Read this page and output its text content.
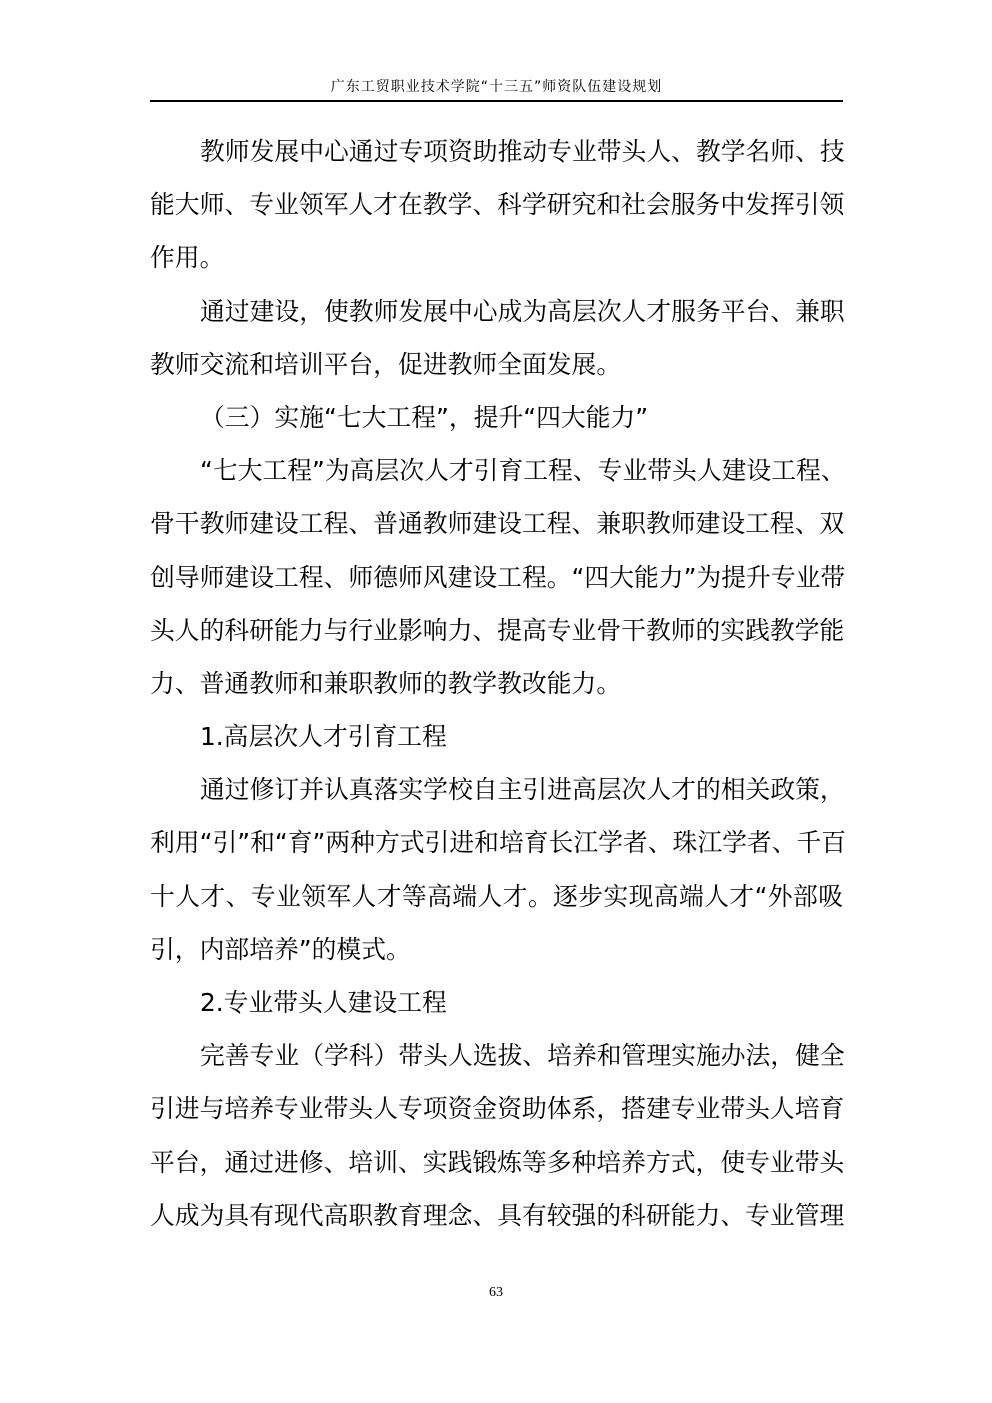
广东工贸职业技术学院“十三五”师资队伍建设规划
教师发展中心通过专项资助推动专业带头人、教学名师、技
能大师、专业领军人才在教学、科学研究和社会服务中发挥引领
作用。
通过建设，使教师发展中心成为高层次人才服务平台、兼职
教师交流和培训平台，促进教师全面发展。
（三）实施“七大工程”，提升“四大能力”
“七大工程”为高层次人才引育工程、专业带头人建设工程、
骨干教师建设工程、普通教师建设工程、兼职教师建设工程、双
创导师建设工程、师德师风建设工程。“四大能力”为提升专业带
头人的科研能力与行业影响力、提高专业骨干教师的实践教学能
力、普通教师和兼职教师的教学教改能力。
1.高层次人才引育工程
通过修订并认真落实学校自主引进高层次人才的相关政策，
利用“引”和“育”两种方式引进和培育长江学者、珠江学者、千百
十人才、专业领军人才等高端人才。逐步实现高端人才“外部吸
引，内部培养”的模式。
2.专业带头人建设工程
完善专业（学科）带头人选拔、培养和管理实施办法，健全
引进与培养专业带头人专项资金资助体系，搭建专业带头人培育
平台，通过进修、培训、实践锻炼等多种培养方式，使专业带头
人成为具有现代高职教育理念、具有较强的科研能力、专业管理
63
